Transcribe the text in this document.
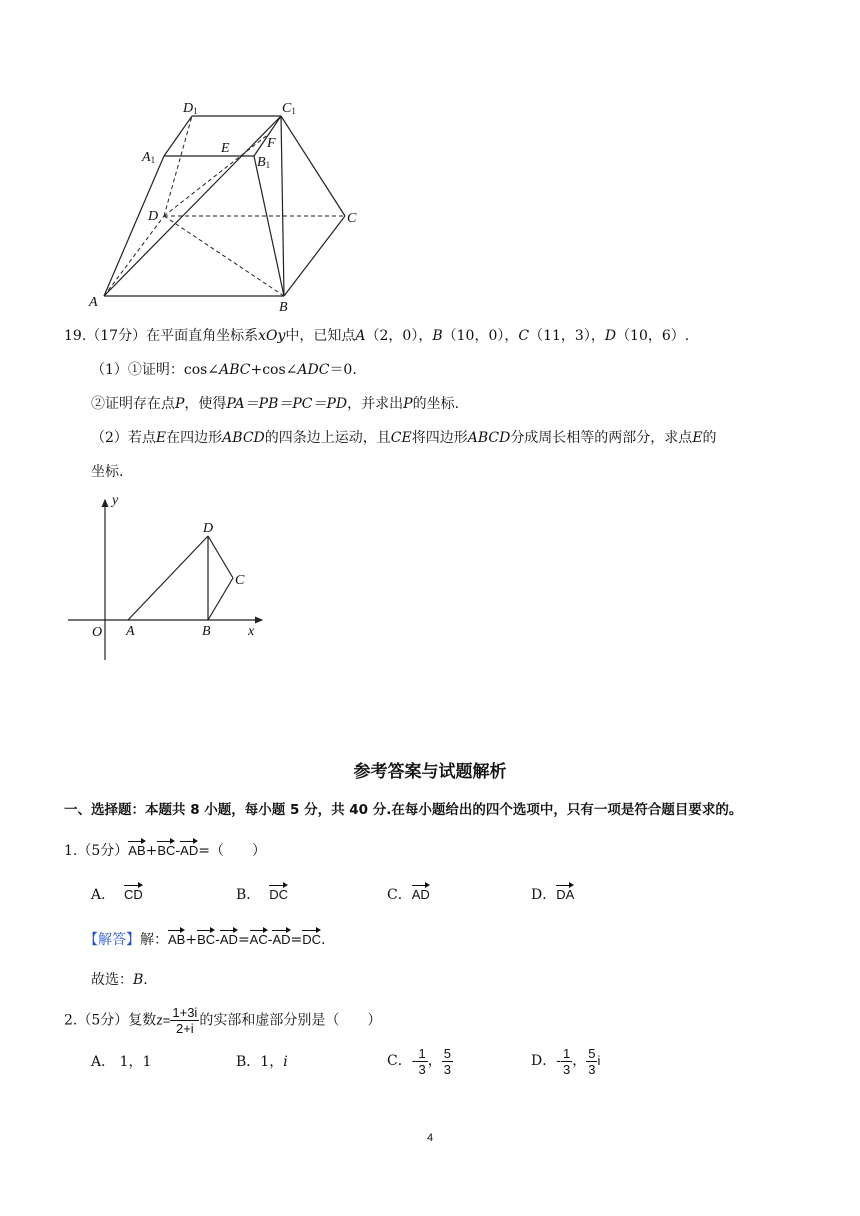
D1	C1
A1	B1
E	F
D	C
A	B
19.（17分）在平面直角坐标系xOy中，已知点A（2，0），B（10，0），C（11，3），D（10，6）.
（1）①证明：cos∠ABC+cos∠ADC＝0.
②证明存在点P，使得PA＝PB＝PC＝PD，并求出P的坐标.
（2）若点E在四边形ABCD的四条边上运动，且CE将四边形ABCD分成周长相等的两部分，求点E的
坐标.
y
x
O A	B
C
D
参考答案与试题解析
一、选择题：本题共 8 小题，每小题 5 分，共 40 分.在每小题给出的四个选项中，只有一项是符合题目要求的。
1.（5分）AB+BC-AD=（　　）
A． CD	B． DC	C．AD	D．DA
【解答】解：AB+BC-AD=AC-AD=DC.
故选：B.
2.（5分）复数$z= \frac{1+3i}{2+i}$ 的实部和虚部分别是（　　）
A． 1，1	B．1，i	C．- $\frac{1}{3}$ ， $\frac{5}{3}$	D．- $\frac{1}{3}$ ， $\frac{5}{3}$ i
4
